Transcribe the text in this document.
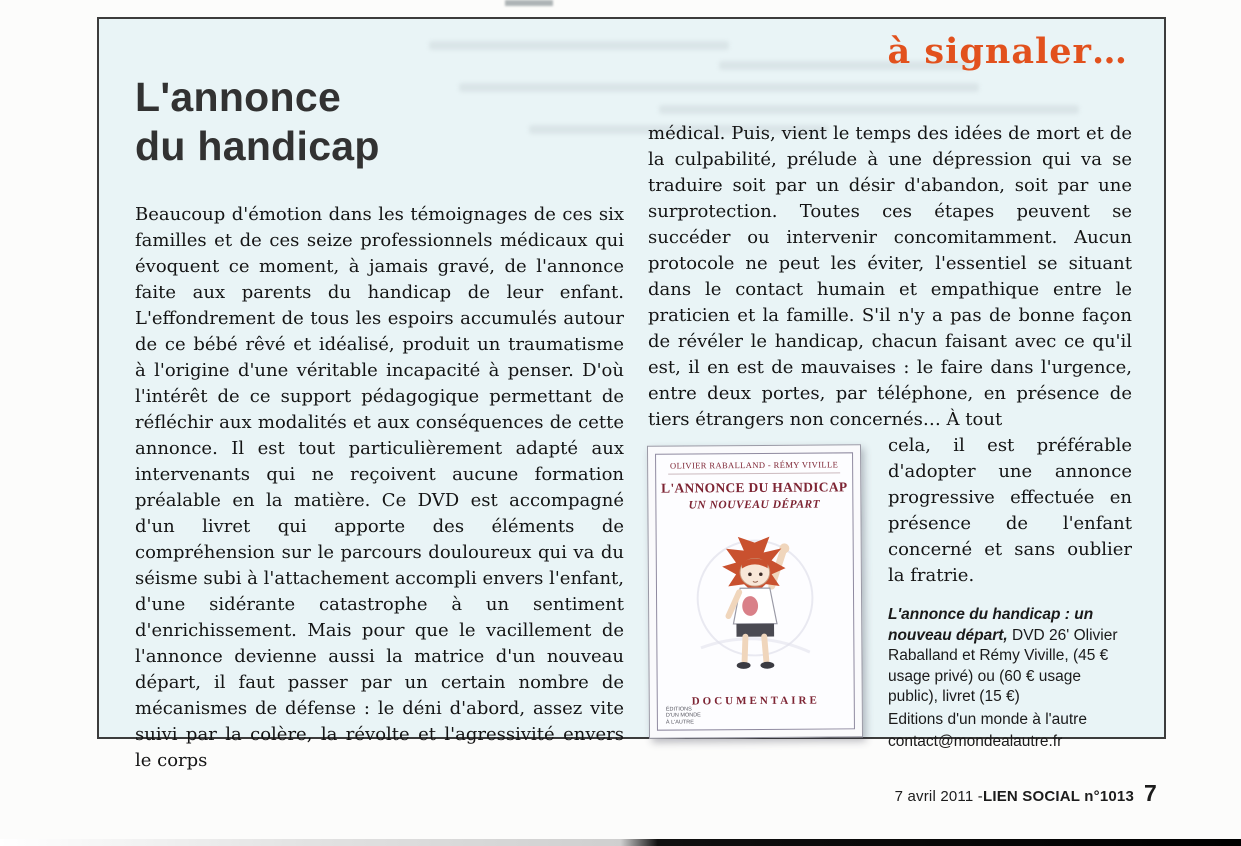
à signaler…
L'annonce
du handicap
Beaucoup d'émotion dans les témoignages de ces six familles et de ces seize professionnels médicaux qui évoquent ce moment, à jamais gravé, de l'annonce faite aux parents du handicap de leur enfant. L'effondrement de tous les espoirs accumulés autour de ce bébé rêvé et idéalisé, produit un traumatisme à l'origine d'une véritable incapacité à penser. D'où l'intérêt de ce support pédagogique permettant de réfléchir aux modalités et aux conséquences de cette annonce. Il est tout particulièrement adapté aux intervenants qui ne reçoivent aucune formation préalable en la matière. Ce DVD est accompagné d'un livret qui apporte des éléments de compréhension sur le parcours douloureux qui va du séisme subi à l'attachement accompli envers l'enfant, d'une sidérante catastrophe à un sentiment d'enrichissement. Mais pour que le vacillement de l'annonce devienne aussi la matrice d'un nouveau départ, il faut passer par un certain nombre de mécanismes de défense : le déni d'abord, assez vite suivi par la colère, la révolte et l'agressivité envers le corps

médical. Puis, vient le temps des idées de mort et de la culpabilité, prélude à une dépression qui va se traduire soit par un désir d'abandon, soit par une surprotection. Toutes ces étapes peuvent se succéder ou intervenir concomitamment. Aucun protocole ne peut les éviter, l'essentiel se situant dans le contact humain et empathique entre le praticien et la famille. S'il n'y a pas de bonne façon de révéler le handicap, chacun faisant avec ce qu'il est, il en est de mauvaises : le faire dans l'urgence, entre deux portes, par téléphone, en présence de tiers étrangers non concernés… À tout

OLIVIER RABALLAND - RÉMY VIVILLE
L'ANNONCE DU HANDICAP
UN NOUVEAU DÉPART
DOCUMENTAIRE
ÉDITIONS
D'UN MONDE
À L'AUTRE

cela, il est préférable d'adopter une annonce progressive effectuée en présence de l'enfant concerné et sans oublier la fratrie.

L'annonce du handicap : un nouveau départ, DVD 26' Olivier Raballand et Rémy Viville, (45 € usage privé) ou (60 € usage public), livret (15 €)
Editions d'un monde à l'autre
contact@mondealautre.fr
7 avril 2011 - LIEN SOCIAL n°1013 7
